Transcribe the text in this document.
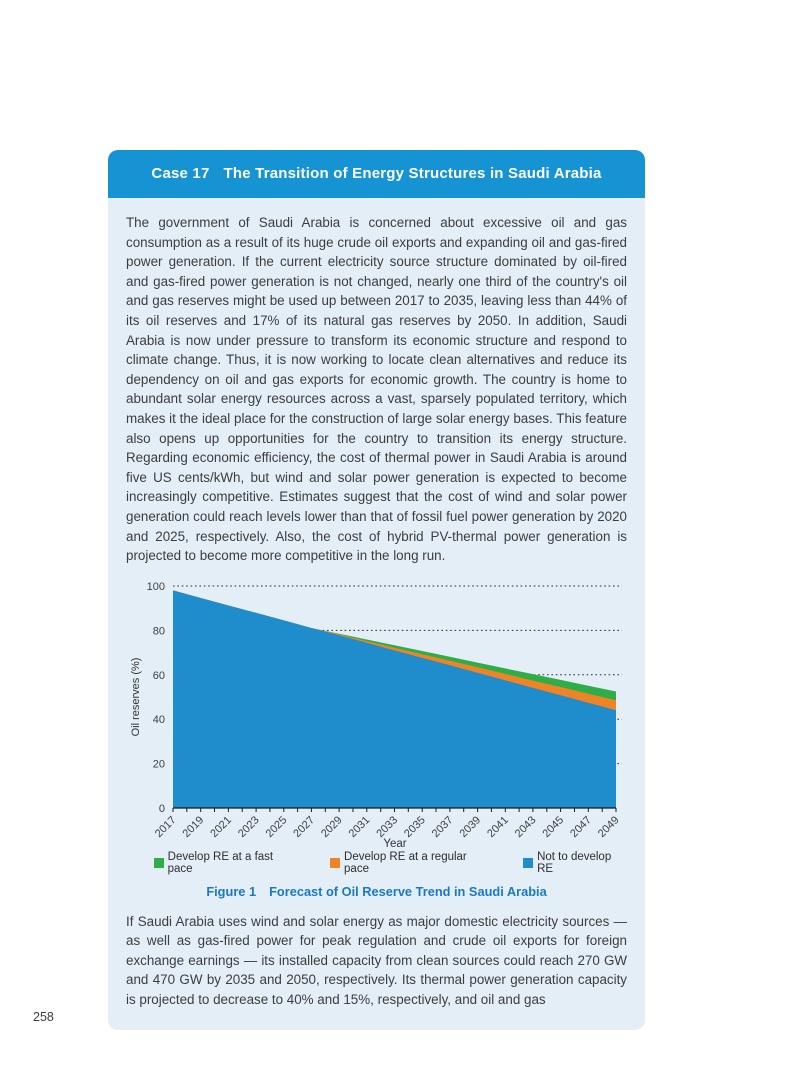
Case 17 The Transition of Energy Structures in Saudi Arabia

The government of Saudi Arabia is concerned about excessive oil and gas consumption as a result of its huge crude oil exports and expanding oil and gas-fired power generation. If the current electricity source structure dominated by oil-fired and gas-fired power generation is not changed, nearly one third of the country's oil and gas reserves might be used up between 2017 to 2035, leaving less than 44% of its oil reserves and 17% of its natural gas reserves by 2050. In addition, Saudi Arabia is now under pressure to transform its economic structure and respond to climate change. Thus, it is now working to locate clean alternatives and reduce its dependency on oil and gas exports for economic growth. The country is home to abundant solar energy resources across a vast, sparsely populated territory, which makes it the ideal place for the construction of large solar energy bases. This feature also opens up opportunities for the country to transition its energy structure. Regarding economic efficiency, the cost of thermal power in Saudi Arabia is around five US cents/kWh, but wind and solar power generation is expected to become increasingly competitive. Estimates suggest that the cost of wind and solar power generation could reach levels lower than that of fossil fuel power generation by 2020 and 2025, respectively. Also, the cost of hybrid PV-thermal power generation is projected to become more competitive in the long run.

0
20
40
60
80
100
2017 2019 2021 2023 2025 2027 2029 2031 2033 2035 2037 2039 2041 2043 2045 2047 2049
Oil reserves (%)
Year
Develop RE at a fast pace
Develop RE at a regular pace
Not to develop RE
Figure 1 Forecast of Oil Reserve Trend in Saudi Arabia

If Saudi Arabia uses wind and solar energy as major domestic electricity sources — as well as gas-fired power for peak regulation and crude oil exports for foreign exchange earnings — its installed capacity from clean sources could reach 270 GW and 470 GW by 2035 and 2050, respectively. Its thermal power generation capacity is projected to decrease to 40% and 15%, respectively, and oil and gas

258
